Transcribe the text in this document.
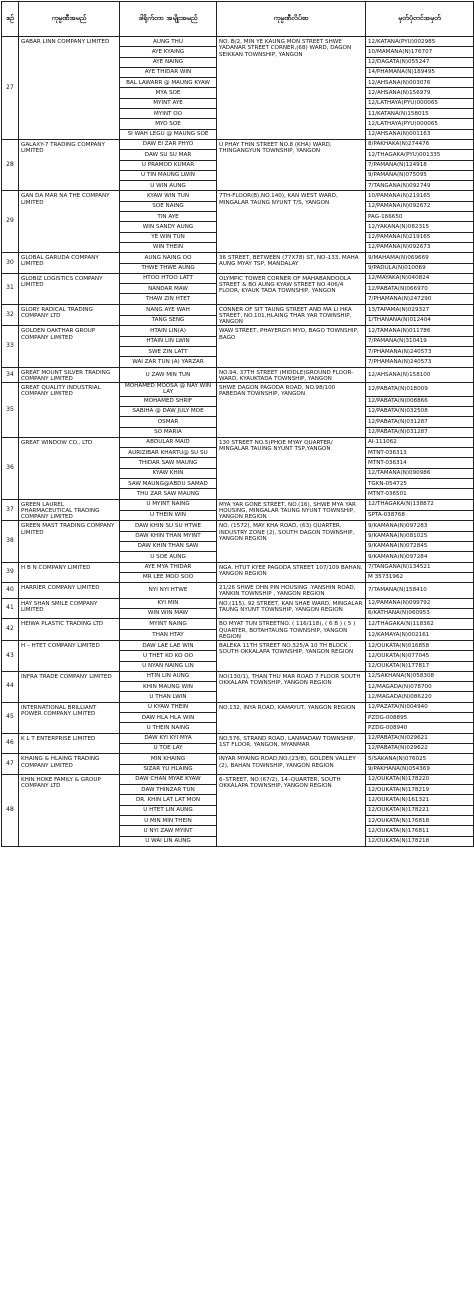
စဉ်	ကုမ္ပဏီအမည်	ဒါရိုက်တာ အမျိုးအမည်	ကုမ္ပဏီလိပ်စာ	မှတ်ပုံတင်အမှတ်
27	GABAR LINN COMPANY LIMITED	AUNG THU	NO. B/2, MIN YE KAUNG MON STREET SHWE YADANAR STREET CORNER,(68) WARD, DAGON SEIKKAN TOWNSHIP, YANGON	12/KATANA(PYU)002985
		AYE KYAING		10/MAMANA(N)176707
		AYE NAING		12/DAGATA(N)055247
		AYE THIDAR WIN		14/PHAMANA(N)189495
		BAL LAWARR @ MAUNG KYAW		12/AHSANA(N)003076
		MYA SOE		12/AHSANA(N)156979
		MYINT AYE		12/LATHAYA(PYU)000065
		MYINT OO		11/KATANA(N)158015
		MYO SOE		12/LATHAYA(PYU)000065
		SI WAH LEGU @ MAUNG SOE		12/AHSANA(N)001163
28	GALAXY-7 TRADING COMPANY LIMITED	DAW EI ZAR PHYO	U PHAY THIN STREET NO.8 (KHA) WARD, THINGANGYUN TOWNSHIP, YANGON	8/PAKHAKA(N)274476
		DAW SU SU MAR		12/THAGAKA(PYU)001335
		U PRAMOD KUMAR		7/PAMANA(N)124918
		U TIN MAUNG LWIN		9/PAMANA(N)075095
		U WIN AUNG		7/TANGANA(N)092749
29	GAN DA MAR NA THE COMPANY LIMITED	KYAW WIN TUN	7TH-FLOOR(B),NO.140), KAN WEST WARD, MINGALAR TAUNG NYUNT T/S, YANGON	10/PAMANA(N)219165
		SOE NAING		12/PAMANA(N)092672
		TIN AYE		PAG-166650
		WIN SANDY AUNG		12/YAKANA(N)082315
		YE WIN TUN		12/PAMANA(N)219165
		WIN THEIN		12/PAMANA(N)092673
30	GLOBAL GARUDA COMPANY LIMITED	AUNG NAING OO	36 STREET, BETWEEN (77X78) ST, NO-133, MAHA AUNG MYAY TSP, MANDALAY	9/MAHAMA(N)069669
		THWE THWE AUNG		9/PADULA(N)010069
31	GLOBIZ LOGISTICS COMPANY LIMITED	HTOO HTOO LATT	OLYMPIC TOWER CORNER OF MAHABANDOOLA STREET & BO AUNG KYAW STREET NO 406/4 FLOOR, KYAUK TADA TOWNSHIP, YANGON	12/MAYAKA(N)040824
		NANDAR MAW		12/PABATA(N)066970
		THAW ZIN HTET		7/PHAMANA(N)247290
32	GLORY RADICAL TRADING COMPANY LTD	NANG AYE WAH	CONNER OF SIT TAUNG STREET AND MA LI HKA STREET, NO.101,HLAING THAR YAR TOWNSHIP, YANGON	13/TAPAMA(N)029327
		TANG SENG		1/THANANA(N)012404
33	GOLDEN OAKTHAR GROUP COMPANY LIMITED	HTAIN LIN(A)	WAW STREET, PHAYERGYI MYO, BAGO TOWNSHIP, BAGO	12/TAMANA(N)011786
		HTAIN LIN LWIN		7/PAMANA(N)310419
		SWE ZIN LATT		7/PHAMANA(N)240573
		WAI ZAR TUN (A) YARZAR		7/PHAMANA(N)240573
34	GREAT MOUNT SILVER TRADING COMPANY LIMITED	U ZAW MIN TUN	NO.94, 37TH STREET (MIDDLE)GROUND FLOOR- WARD, KYAUKTADA TOWNSHIP, YANGON	12/AHSANA(N)158100
35	GREAT QUALITY INDUSTRIAL COMPANY LIMITED	MOHAMED MOOSA @ NAY WIN LAY	SHWE DAGON PAGODA ROAD, NO.98/100 PABEDAN TOWNSHIP, YANGON	12/PABATA(N)018009
		MOHAMED SHRIF		12/PABATA(N)008866
		SABIHA @ DAW JULY MOE		12/PABATA(N)032508
		OSMAR		12/PABATA(N)031287
		SO MARIA		12/PABATA(N)031287
36	GREAT WINDOW CO., LTD	ABDULAR MAID	130 STREET NO.5)PHOE MYAY QUARTER/ MINGALAR TAUING NYUNT TSP,YANGON	AI-111062
		AURIZIBAR KHARTU@ SU SU		MTNT-036313
		THIDAR SAW MAUNG		MTNT-036314
		KYAW KHIN		12/TAMANA(N)090986
		SAW MAUNG@ABDU SAMAD		TGKN-054725
		THU ZAR SAW MAUNG		MTNT-036501
37	GREEN LAUREL PHARMACEUTICAL TRADING COMPANY LIMITED	U MYINT NAING	MYA YAR GONE STREET, NO.(16), SHWE MYA YAR HOUSING, MINGALAR TAUNG NYUNT TOWNSHIP, YANGON REGION	12/THAGAKA(N)138872
		U THEIN WIN		SPTA-038768
38	GREEN MAST TRADING COMPANY LIMITED	DAW KHIN SU SU HTWE	NO. (1572), MAY KHA ROAD, (63) QUARTER, INDUSTRY ZONE (2), SOUTH DAGON TOWNSHIP, YANGON REGION	9/KAMANA(N)097283
		DAW KHIN THAN MYINT		9/KAMANA(N)081025
		DAW KHIN THAN SAW		9/KAMANA(N)072845
		U SOE AUNG		9/KAMANA(N)097284
39	H B N COMPANY LIMITED	AYE MYA THIDAR	NGA. HTUT KYEE PAGODA STREET 107/109 BAHAN, YANGON REGION	7/TANGANA(N)134521
		MR LEE MOO SOO		M 35731962
40	HARRIER COMPANY LIMITED	NYI NYI HTWE	21/26 SHWE OHN PIN HOUSING .YANSHIN ROAD, YANKIN TOWNSHIP , YANGON REGION	7/TAMANA(N)158410
41	HAY SHAN SMILE COMPANY LIMITED	KYI MIN	NO.(115), 92 STREET, KAN SHAE WARD, MINGALAR TAUNG NYUNT TOWNSHIP, YANGON REGION	12/PAMANA(N)099792
		WIN WIN MAW		6/KATHANA(N)060953
42	HEIWA PLASTIC TRADING LTD	MYINT NAING	BO MYAT TUN STREETNO. ( 116/118), ( 6 B ) ( 5 ) QUARTER, BOTAHTAUNG TOWNSHIP, YANGON REGION	12/THAGAKA(N)118362
		THAN HTAY		12/KAMAYA(N)002161
43	H – HTET COMPANY LIMITED	DAW LAE LAE WIN	BALEKA 11TH STREET NO.325/A 10 TH BLOCK , SOUTH OKKALAPA TOWNSHIP, YANGON REGION	12/OUKATA(N)016858
		U THET KO KO OO		12/OUKATA(N)077045
		U NYAN NAING LIN		12/OUKATA(N)177817
44	INFRA TRADE COMPANY LIMITED	HTIN LIN AUNG	NO(130/1), THAN THU MAR ROAD 7 FLOOR SOUTH OKKALAPA TOWNSHIP, YANGON REGION	12/SAKHANA(N)058308
		KHIN MAUNG WIN		12/MAGADA(N)078700
		U THAN LWIN		12/MAGADA(N)086220
45	INTERNATIONAL BRILLIANT POWER COMPANY LIMITED	U KYAW THEIN	NO.132, INYA ROAD, KAMAYUT, YANGON REGION	12/PAZATA(N)004940
		DAW HLA HLA WIN		PZDG-008895
		U THEIN NAING		PZDG-008940
46	K L T ENTERPRISE LIMITED	DAW KYI KYI MYA	NO.576, STRAND ROAD, LANMADAW TOWNSHIP, 1ST FLOOR, YANGON, MYANMAR	12/PABATA(N)029621
		U TOE LAY		12/PABATA(N)029622
47	KHAING & HLAING TRADING COMPANY LIMITED	MIN KHAING	INYAR MYAING ROAD,NO.(23/8), GOLDEN VALLEY (2), BAHAN TOWNSHIP, YANGON REGION	5/SAKANA(N)076025
		SIZAR YU HLAING		9/PAKHANA(N)054369
48	KHIN HOKE FAMILY & GROUP COMPANY LTD	DAW CHAN MYAE KYAW	6–STREET, NO.(67/2), 14–QUARTER, SOUTH OKKALAPA TOWNSHIP, YANGON REGION	12/OUKATA(N)178220
		DAW THINZAR TUN		12/OUKATA(N)178219
		DR. KHIN LAT LAT MON		12/OUKATA(N)161321
		U HTET LIN AUNG		12/OUKATA(N)178221
		U MIN MIN THEIN		12/OUKATA(N)176818
		U NYI ZAW MYINT		12/OUKATA(N)176811
		U WAI LIN AUNG		12/OUKATA(N)178218
